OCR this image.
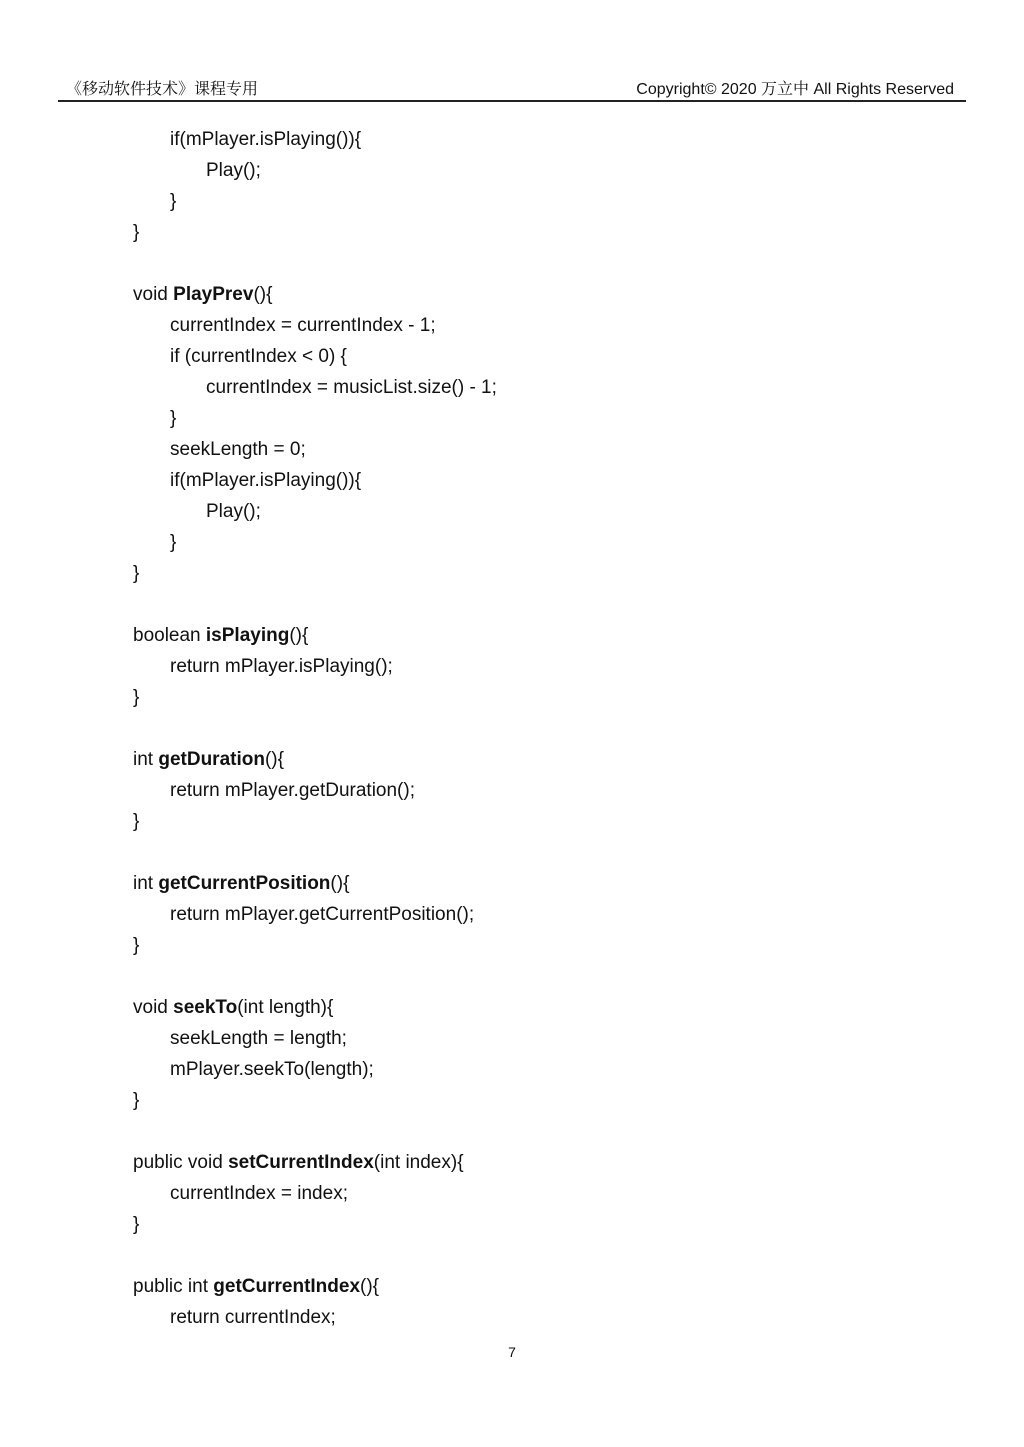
《移动软件技术》课程专用	Copyright© 2020 万立中 All Rights Reserved
if(mPlayer.isPlaying()){
Play();
}
}
void PlayPrev(){
currentIndex = currentIndex - 1;
if (currentIndex < 0) {
currentIndex = musicList.size() - 1;
}
seekLength = 0;
if(mPlayer.isPlaying()){
Play();
}
}
boolean isPlaying(){
return mPlayer.isPlaying();
}
int getDuration(){
return mPlayer.getDuration();
}
int getCurrentPosition(){
return mPlayer.getCurrentPosition();
}
void seekTo(int length){
seekLength = length;
mPlayer.seekTo(length);
}
public void setCurrentIndex(int index){
currentIndex = index;
}
public int getCurrentIndex(){
return currentIndex;
7
